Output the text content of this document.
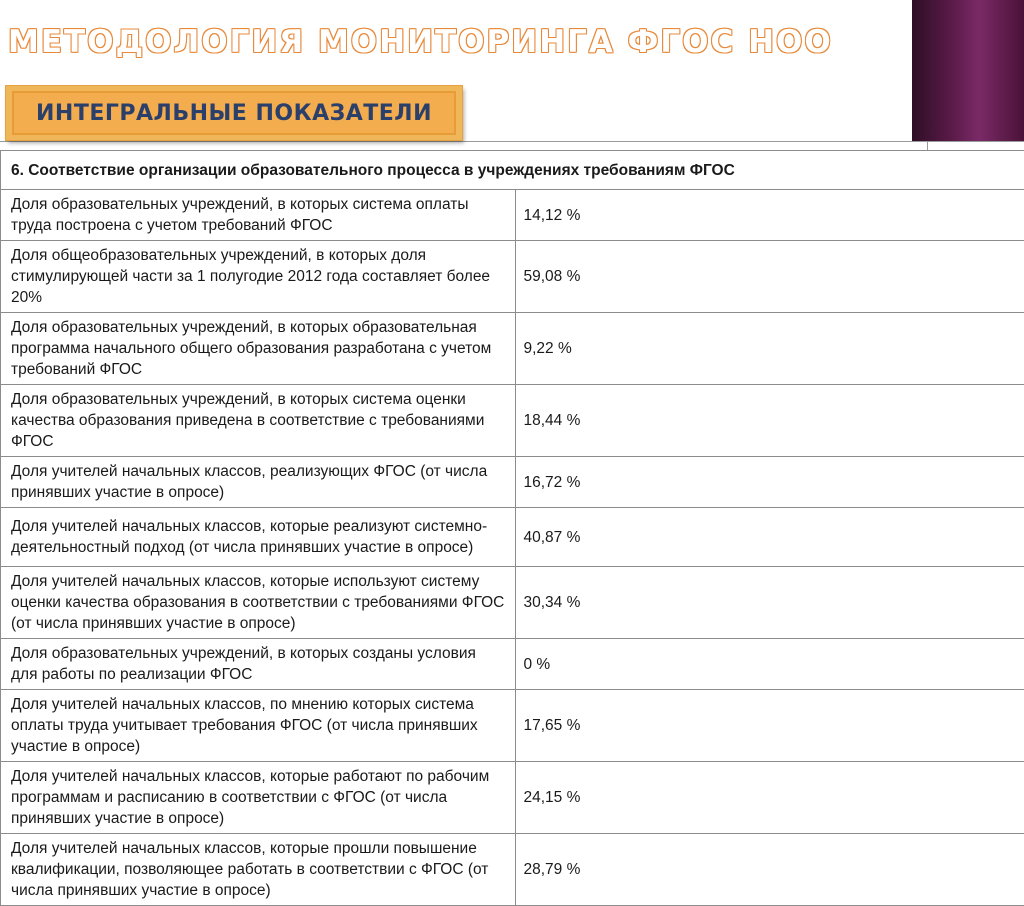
МЕТОДОЛОГИЯ МОНИТОРИНГА ФГОС НОО
6. Соответствие организации образовательного процесса в учреждениях требованиям ФГОС	
Доля образовательных учреждений, в которых система оплаты труда построена с учетом требований ФГОС	14,12 %
Доля общеобразовательных учреждений, в которых доля стимулирующей части за 1 полугодие 2012 года составляет более 20%	59,08 %
Доля образовательных учреждений, в которых образовательная программа начального общего образования разработана с учетом требований ФГОС	9,22 %
Доля образовательных учреждений, в которых система оценки качества образования приведена в соответствие с требованиями ФГОС	18,44 %
Доля учителей начальных классов, реализующих ФГОС (от числа принявших участие в опросе)	16,72 %
Доля учителей начальных классов, которые реализуют системно-деятельностный подход (от числа принявших участие в опросе)	40,87 %
Доля учителей начальных классов, которые используют систему оценки качества образования в соответствии с требованиями ФГОС (от числа принявших участие в опросе)	30,34 %
Доля образовательных учреждений, в которых созданы условия для работы по реализации ФГОС	0 %
Доля учителей начальных классов, по мнению которых система оплаты труда учитывает требования ФГОС (от числа принявших участие в опросе)	17,65 %
Доля учителей начальных классов, которые работают по рабочим программам и расписанию в соответствии с ФГОС (от числа принявших участие в опросе)	24,15 %
Доля учителей начальных классов, которые прошли повышение квалификации, позволяющее работать в соответствии с ФГОС (от числа принявших участие в опросе)	28,79 %
ИНТЕГРАЛЬНЫЕ ПОКАЗАТЕЛИ
